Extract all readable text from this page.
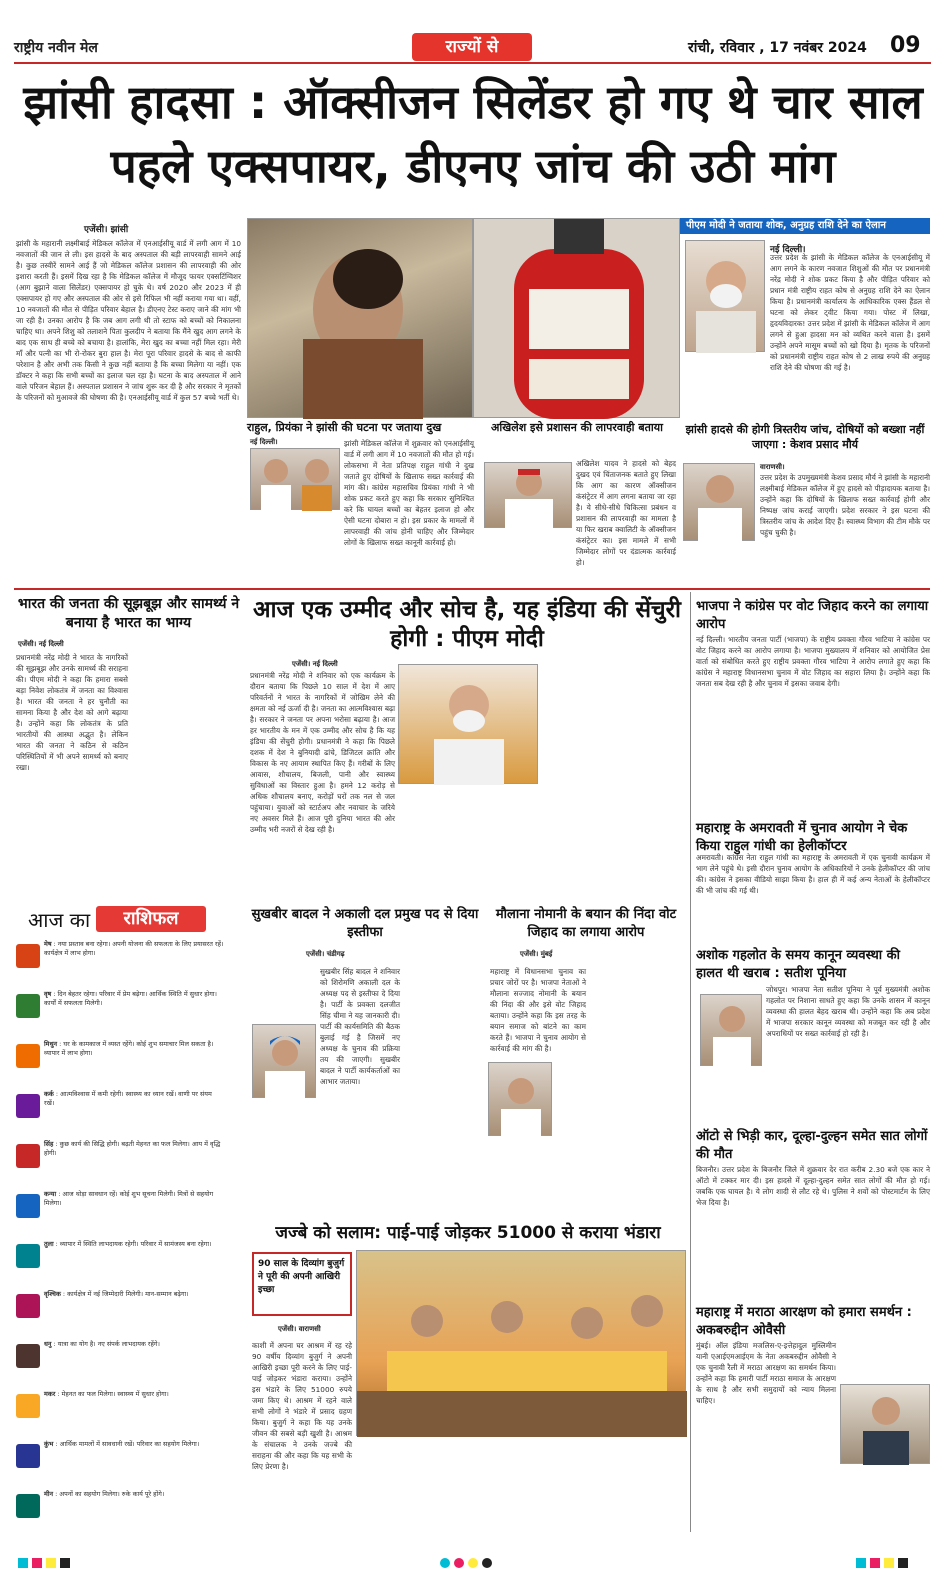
राष्ट्रीय नवीन मेल	राज्यों से	रांची, रविवार , 17 नवंबर 2024 09
झांसी हादसा : ऑक्सीजन सिलेंडर हो गए थे चार साल पहले एक्सपायर, डीएनए जांच की उठी मांग
एजेंसी। झांसी
झांसी के महारानी लक्ष्मीबाई मेडिकल कॉलेज में एनआईसीयू वार्ड में लगी आग में 10 नवजातों की जान ले ली। इस हादसे के बाद अस्पताल की बड़ी लापरवाही सामने आई है। कुछ तस्वीरें सामने आई हैं जो मेडिकल कॉलेज प्रशासन की लापरवाही की ओर इशारा करती हैं। इसमें दिख रहा है कि मेडिकल कॉलेज में मौजूद फायर एक्सटिंग्विशर (आग बुझाने वाला सिलेंडर) एक्सपायर हो चुके थे। वर्ष 2020 और 2023 में ही एक्सपायर हो गए और अस्पताल की ओर से इसे रिफिल भी नहीं कराया गया था। वहीं, 10 नवजातों की मौत से पीड़ित परिवार बेहाल है। डीएनए टेस्ट कराए जाने की मांग भी जा रही है। उनका आरोप है कि जब आग लगी थी तो स्टाफ को बच्चों को निकालना चाहिए था। अपने शिशु को तलाशने पिता कुलदीप ने बताया कि मैंने खुद आग लगने के बाद एक साथ ही बच्चे को बचाया है। हालांकि, मेरा खुद का बच्चा नहीं मिल रहा। मेरी माँ और पत्नी का भी रो-रोकर बुरा हाल है। मेरा पूरा परिवार हादसे के बाद से काफी परेशान है और अभी तक किसी ने कुछ नहीं बताया है कि बच्चा मिलेगा या नहीं। एक डॉक्टर ने कहा कि सभी बच्चों का इलाज चल रहा है। घटना के बाद अस्पताल में आने वाले परिजन बेहाल हैं। अस्पताल प्रशासन ने जांच शुरू कर दी है और सरकार ने मृतकों के परिजनों को मुआवजे की घोषणा की है। एनआईसीयू वार्ड में कुल 57 बच्चे भर्ती थे।
पीएम मोदी ने जताया शोक, अनुग्रह राशि देने का ऐलान
नई दिल्ली।
उत्तर प्रदेश के झांसी के मेडिकल कॉलेज के एनआईसीयू में आग लगने के कारण नवजात शिशुओं की मौत पर प्रधानमंत्री नरेंद्र मोदी ने शोक प्रकट किया है और पीड़ित परिवार को प्रधान मंत्री राष्ट्रीय राहत कोष से अनुग्रह राशि देने का ऐलान किया है। प्रधानमंत्री कार्यालय के आधिकारिक एक्स हैंडल से घटना को लेकर ट्वीट किया गया। पोस्ट में लिखा, हृदयविदारक! उत्तर प्रदेश में झांसी के मेडिकल कॉलेज में आग लगने से हुआ हादसा मन को व्यथित करने वाला है। इसमें उन्होंने अपने मासूम बच्चों को खो दिया है। मृतक के परिजनों को प्रधानमंत्री राष्ट्रीय राहत कोष से 2 लाख रुपये की अनुग्रह राशि देने की घोषणा की गई है।
राहुल, प्रियंका ने झांसी की घटना पर जताया दुख
नई दिल्ली।	झांसी मेडिकल कॉलेज में शुक्रवार को एनआईसीयू वार्ड में लगी आग में 10 नवजातों की मौत हो गई। लोकसभा में नेता प्रतिपक्ष राहुल गांधी ने दुख जताते हुए दोषियों के खिलाफ सख्त कार्रवाई की मांग की। कांग्रेस महासचिव प्रियंका गांधी ने भी शोक प्रकट करते हुए कहा कि सरकार सुनिश्चित करे कि घायल बच्चों का बेहतर इलाज हो और ऐसी घटना दोबारा न हो। इस प्रकार के मामलों में लापरवाही की जांच होनी चाहिए और जिम्मेदार लोगों के खिलाफ सख्त कानूनी कार्रवाई हो।
अखिलेश इसे प्रशासन की लापरवाही बताया
अखिलेश यादव ने हादसे को बेहद दुखद एवं चिंताजनक बताते हुए लिखा कि आग का कारण ऑक्सीजन कंसंट्रेटर में आग लगना बताया जा रहा है। ये सीधे-सीधे चिकित्सा प्रबंधन व प्रशासन की लापरवाही का मामला है या फिर खराब क्वालिटी के ऑक्सीजन कंसंट्रेटर का। इस मामले में सभी जिम्मेदार लोगों पर दंडात्मक कार्रवाई हो।
झांसी हादसे की होगी त्रिस्तरीय जांच, दोषियों को बख्शा नहीं जाएगा : केशव प्रसाद मौर्य
वाराणसी।
उत्तर प्रदेश के उपमुख्यमंत्री केशव प्रसाद मौर्य ने झांसी के महारानी लक्ष्मीबाई मेडिकल कॉलेज में हुए हादसे को पीड़ादायक बताया है। उन्होंने कहा कि दोषियों के खिलाफ सख्त कार्रवाई होगी और निष्पक्ष जांच कराई जाएगी। प्रदेश सरकार ने इस घटना की त्रिस्तरीय जांच के आदेश दिए हैं। स्वास्थ्य विभाग की टीम मौके पर पहुंच चुकी है।
भारत की जनता की सूझबूझ और सामर्थ्य ने बनाया है भारत का भाग्य
एजेंसी। नई दिल्ली
प्रधानमंत्री नरेंद्र मोदी ने भारत के नागरिकों की सूझबूझ और उनके सामर्थ्य की सराहना की। पीएम मोदी ने कहा कि हमारा सबसे बड़ा निवेश लोकतंत्र में जनता का विश्वास है। भारत की जनता ने हर चुनौती का सामना किया है और देश को आगे बढ़ाया है। उन्होंने कहा कि लोकतंत्र के प्रति भारतीयों की आस्था अद्भुत है। लेकिन भारत की जनता ने कठिन से कठिन परिस्थितियों में भी अपने सामर्थ्य को बनाए रखा।
आज एक उम्मीद और सोच है, यह इंडिया की सेंचुरी होगी : पीएम मोदी
एजेंसी। नई दिल्ली
प्रधानमंत्री नरेंद्र मोदी ने शनिवार को एक कार्यक्रम के दौरान बताया कि पिछले 10 साल में देश में आए परिवर्तनों ने भारत के नागरिकों में जोखिम लेने की क्षमता को नई ऊर्जा दी है। जनता का आत्मविश्वास बढ़ा है। सरकार ने जनता पर अपना भरोसा बढ़ाया है। आज हर भारतीय के मन में एक उम्मीद और सोच है कि यह इंडिया की सेंचुरी होगी। प्रधानमंत्री ने कहा कि पिछले दशक में देश ने बुनियादी ढांचे, डिजिटल क्रांति और विकास के नए आयाम स्थापित किए हैं। गरीबों के लिए आवास, शौचालय, बिजली, पानी और स्वास्थ्य सुविधाओं का विस्तार हुआ है। हमने 12 करोड़ से अधिक शौचालय बनाए, करोड़ों घरों तक नल से जल पहुंचाया। युवाओं को स्टार्टअप और नवाचार के जरिये नए अवसर मिले हैं। आज पूरी दुनिया भारत की ओर उम्मीद भरी नजरों से देख रही है।
भाजपा ने कांग्रेस पर वोट जिहाद करने का लगाया आरोप
नई दिल्ली। भारतीय जनता पार्टी (भाजपा) के राष्ट्रीय प्रवक्ता गौरव भाटिया ने कांग्रेस पर वोट जिहाद करने का आरोप लगाया है। भाजपा मुख्यालय में शनिवार को आयोजित प्रेस वार्ता को संबोधित करते हुए राष्ट्रीय प्रवक्ता गौरव भाटिया ने आरोप लगाते हुए कहा कि कांग्रेस ने महाराष्ट्र विधानसभा चुनाव में वोट जिहाद का सहारा लिया है। उन्होंने कहा कि जनता सब देख रही है और चुनाव में इसका जवाब देगी।
महाराष्ट्र के अमरावती में चुनाव आयोग ने चेक किया राहुल गांधी का हेलीकॉप्टर
अमरावती। कांग्रेस नेता राहुल गांधी का महाराष्ट्र के अमरावती में एक चुनावी कार्यक्रम में भाग लेने पहुंचे थे। इसी दौरान चुनाव आयोग के अधिकारियों ने उनके हेलीकॉप्टर की जांच की। कांग्रेस ने इसका वीडियो साझा किया है। हाल ही में कई अन्य नेताओं के हेलीकॉप्टर की भी जांच की गई थी।
अशोक गहलोत के समय कानून व्यवस्था की हालत थी खराब : सतीश पूनिया
जोधपुर। भाजपा नेता सतीश पूनिया ने पूर्व मुख्यमंत्री अशोक गहलोत पर निशाना साधते हुए कहा कि उनके शासन में कानून व्यवस्था की हालत बेहद खराब थी। उन्होंने कहा कि अब प्रदेश में भाजपा सरकार कानून व्यवस्था को मजबूत कर रही है और अपराधियों पर सख्त कार्रवाई हो रही है।
ऑटो से भिड़ी कार, दूल्हा-दुल्हन समेत सात लोगों की मौत
बिजनौर। उत्तर प्रदेश के बिजनौर जिले में शुक्रवार देर रात करीब 2.30 बजे एक कार ने ऑटो में टक्कर मार दी। इस हादसे में दूल्हा-दुल्हन समेत सात लोगों की मौत हो गई। जबकि एक घायल है। ये लोग शादी से लौट रहे थे। पुलिस ने शवों को पोस्टमार्टम के लिए भेज दिया है।
महाराष्ट्र में मराठा आरक्षण को हमारा समर्थन : अकबरुद्दीन ओवैसी
मुंबई। ऑल इंडिया मजलिस-ए-इत्तेहादुल मुस्लिमीन यानी एआईएमआईएम के नेता अकबरुद्दीन ओवैसी ने एक चुनावी रैली में मराठा आरक्षण का समर्थन किया। उन्होंने कहा कि हमारी पार्टी मराठा समाज के आरक्षण के साथ है और सभी समुदायों को न्याय मिलना चाहिए।
आज का	राशिफल
मेष : नया प्रस्ताव बना रहेगा। अपनी योजना की सफलता के लिए प्रयासरत रहें। कार्यक्षेत्र में लाभ होगा।
वृष : दिन बेहतर रहेगा। परिवार में प्रेम बढ़ेगा। आर्थिक स्थिति में सुधार होगा। कार्यों में सफलता मिलेगी।
मिथुन : घर के कामकाज में व्यस्त रहेंगे। कोई शुभ समाचार मिल सकता है। व्यापार में लाभ होगा।
कर्क : आत्मविश्वास में कमी रहेगी। स्वास्थ्य का ध्यान रखें। वाणी पर संयम रखें।
सिंह : कुछ कार्य की सिद्धि होगी। बढ़ती मेहनत का फल मिलेगा। आय में वृद्धि होगी।
कन्या : आज थोड़ा सावधान रहें। कोई शुभ सूचना मिलेगी। मित्रों से सहयोग मिलेगा।
तुला : व्यापार में स्थिति लाभदायक रहेगी। परिवार में सामंजस्य बना रहेगा।
वृश्चिक : कार्यक्षेत्र में नई जिम्मेदारी मिलेगी। मान-सम्मान बढ़ेगा।
धनु : यात्रा का योग है। नए संपर्क लाभदायक रहेंगे।
मकर : मेहनत का फल मिलेगा। स्वास्थ्य में सुधार होगा।
कुंभ : आर्थिक मामलों में सावधानी रखें। परिवार का सहयोग मिलेगा।
मीन : अपनों का सहयोग मिलेगा। रुके कार्य पूरे होंगे।
सुखबीर बादल ने अकाली दल प्रमुख पद से दिया इस्तीफा
एजेंसी। चंडीगढ़
सुखबीर सिंह बादल ने शनिवार को शिरोमणि अकाली दल के अध्यक्ष पद से इस्तीफा दे दिया है। पार्टी के प्रवक्ता दलजीत सिंह चीमा ने यह जानकारी दी। पार्टी की कार्यसमिति की बैठक बुलाई गई है जिसमें नए अध्यक्ष के चुनाव की प्रक्रिया तय की जाएगी। सुखबीर बादल ने पार्टी कार्यकर्ताओं का आभार जताया।
मौलाना नोमानी के बयान की निंदा वोट जिहाद का लगाया आरोप
एजेंसी। मुंबई
महाराष्ट्र में विधानसभा चुनाव का प्रचार जोरों पर है। भाजपा नेताओं ने मौलाना सज्जाद नोमानी के बयान की निंदा की और इसे वोट जिहाद बताया। उन्होंने कहा कि इस तरह के बयान समाज को बांटने का काम करते हैं। भाजपा ने चुनाव आयोग से कार्रवाई की मांग की है।
जज्बे को सलाम: पाई-पाई जोड़कर 51000 से कराया भंडारा
90 साल के दिव्यांग बुजुर्ग ने पूरी की अपनी आखिरी इच्छा
एजेंसी। वाराणसी
काशी में अपना घर आश्रम में रह रहे 90 वर्षीय दिव्यांग बुजुर्ग ने अपनी आखिरी इच्छा पूरी करने के लिए पाई-पाई जोड़कर भंडारा कराया। उन्होंने इस भंडारे के लिए 51000 रुपये जमा किए थे। आश्रम में रहने वाले सभी लोगों ने भंडारे में प्रसाद ग्रहण किया। बुजुर्ग ने कहा कि यह उनके जीवन की सबसे बड़ी खुशी है। आश्रम के संचालक ने उनके जज्बे की सराहना की और कहा कि यह सभी के लिए प्रेरणा है।
